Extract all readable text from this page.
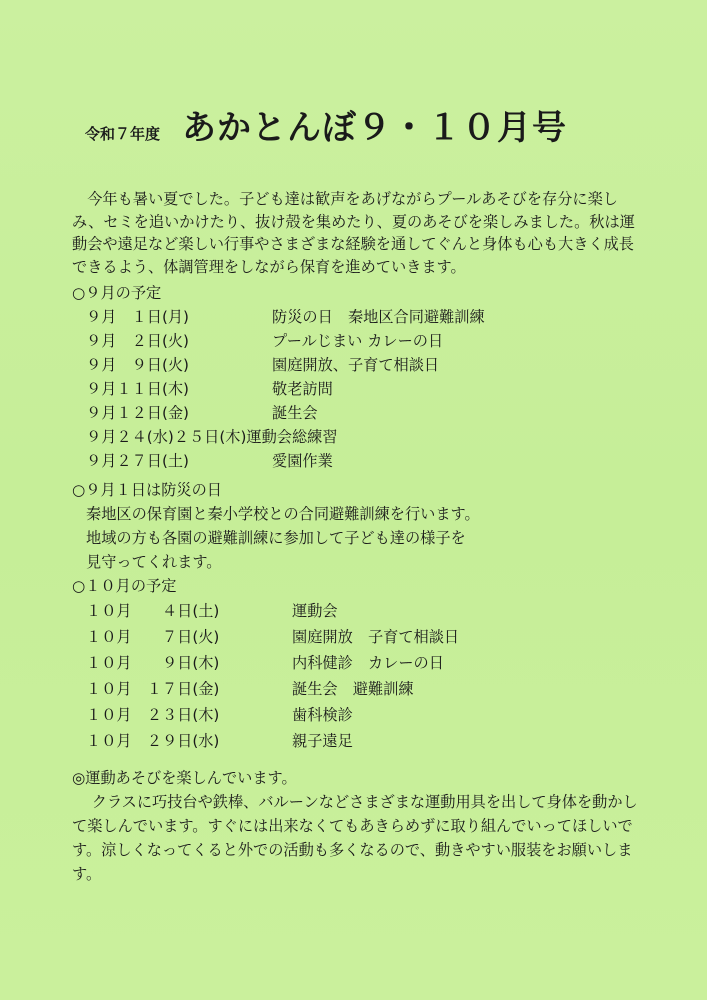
令和７年度 あかとんぼ９・１０月号

今年も暑い夏でした。子ども達は歓声をあげながらプールあそびを存分に楽しみ、セミを追いかけたり、抜け殻を集めたり、夏のあそびを楽しみました。秋は運動会や遠足など楽しい行事やさまざまな経験を通してぐんと身体も心も大きく成長できるよう、体調管理をしながら保育を進めていきます。

○９月の予定
９月　１日(月)	防災の日　秦地区合同避難訓練
９月　２日(火)	プールじまい カレーの日
９月　９日(火)	園庭開放、子育て相談日
９月１１日(木)	敬老訪問
９月１２日(金)	誕生会
９月２４(水)２５日(木) 運動会総練習
９月２７日(土)	愛園作業
○９月１日は防災の日

秦地区の保育園と秦小学校との合同避難訓練を行います。
地域の方も各園の避難訓練に参加して子ども達の様子を
見守ってくれます。

○１０月の予定
１０月　　４日(土)	運動会
１０月　　７日(火)	園庭開放　子育て相談日
１０月　　９日(木)	内科健診　カレーの日
１０月　１７日(金)	誕生会　避難訓練
１０月　２３日(木)	歯科検診
１０月　２９日(水)	親子遠足
◎運動あそびを楽しんでいます。

クラスに巧技台や鉄棒、バルーンなどさまざまな運動用具を出して身体を動かして楽しんでいます。すぐには出来なくてもあきらめずに取り組んでいってほしいです。涼しくなってくると外での活動も多くなるので、動きやすい服装をお願いします。
